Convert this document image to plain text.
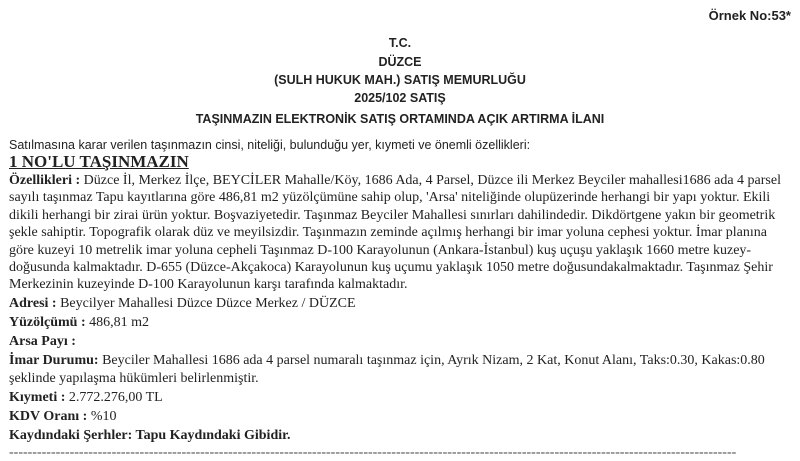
Örnek No:53*
T.C.
DÜZCE
(SULH HUKUK MAH.) SATIŞ MEMURLUĞU
2025/102 SATIŞ
TAŞINMAZIN ELEKTRONİK SATIŞ ORTAMINDA AÇIK ARTIRMA İLANI
Satılmasına karar verilen taşınmazın cinsi, niteliği, bulunduğu yer, kıymeti ve önemli özellikleri:
1 NO'LU TAŞINMAZIN
Özellikleri : Düzce İl, Merkez İlçe, BEYCİLER Mahalle/Köy, 1686 Ada, 4 Parsel, Düzce ili Merkez Beyciler mahallesi1686 ada 4 parsel sayılı taşınmaz Tapu kayıtlarına göre 486,81 m2 yüzölçümüne sahip olup, 'Arsa' niteliğinde olupüzerinde herhangi bir yapı yoktur. Ekili dikili herhangi bir zirai ürün yoktur. Boşvaziyetedir. Taşınmaz Beyciler Mahallesi sınırları dahilindedir. Dikdörtgene yakın bir geometrik şekle sahiptir. Topografik olarak düz ve meyilsizdir. Taşınmazın zeminde açılmış herhangi bir imar yoluna cephesi yoktur. İmar planına göre kuzeyi 10 metrelik imar yoluna cepheli Taşınmaz D-100 Karayolunun (Ankara-İstanbul) kuş uçuşu yaklaşık 1660 metre kuzey-doğusunda kalmaktadır. D-655 (Düzce-Akçakoca) Karayolunun kuş uçumu yaklaşık 1050 metre doğusundakalmaktadır. Taşınmaz Şehir Merkezinin kuzeyinde D-100 Karayolunun karşı tarafında kalmaktadır.
Adresi : Beycilyer Mahallesi Düzce Düzce Merkez / DÜZCE
Yüzölçümü : 486,81 m2
Arsa Payı :
İmar Durumu: Beyciler Mahallesi 1686 ada 4 parsel numaralı taşınmaz için, Ayrık Nizam, 2 Kat, Konut Alanı, Taks:0.30, Kakas:0.80 şeklinde yapılaşma hükümleri belirlenmiştir.
Kıymeti : 2.772.276,00 TL
KDV Oranı : %10
Kaydındaki Şerhler: Tapu Kaydındaki Gibidir.
------------------------------------------------------------------------------------------------------------------------------------------------------------
